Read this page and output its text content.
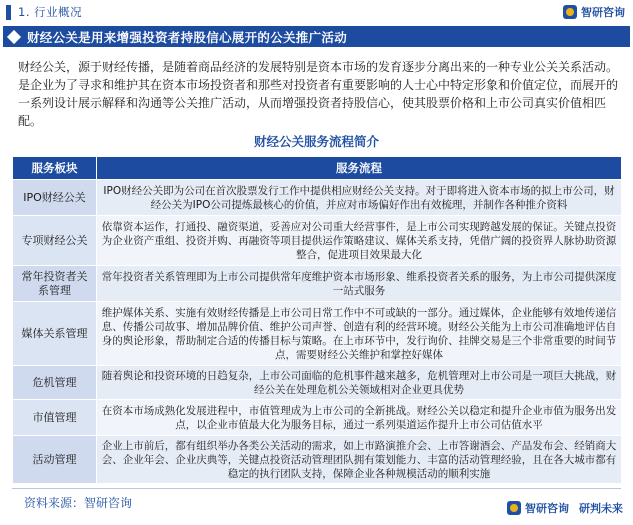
1. 行业概况	智研咨询
财经公关是用来增强投资者持股信心展开的公关推广活动

财经公关，源于财经传播，是随着商品经济的发展特别是资本市场的发育逐步分离出来的一种专业公关关系活动。是企业为了寻求和维护其在资本市场投资者和那些对投资者有重要影响的人士心中特定形象和价值定位，而展开的一系列设计展示解释和沟通等公关推广活动，从而增强投资者持股信心，使其股票价格和上市公司真实价值相匹配。

财经公关服务流程简介
服务板块	服务流程
IPO财经公关	IPO财经公关即为公司在首次股票发行工作中提供相应财经公关支持。对于即将进入资本市场的拟上市公司，财经公关为IPO公司提炼最核心的价值，并应对市场偏好作出有效梳理，并制作各种推介资料
专项财经公关	依靠资本运作，打通投、融资渠道，妥善应对公司重大经营事件，是上市公司实现跨越发展的保证。关键点投资为企业资产重组、投资并购、再融资等项目提供运作策略建议、媒体关系支持，凭借广阔的投资界人脉协助资源整合，促进项目效果最大化
常年投资者关系管理	常年投资者关系管理即为上市公司提供常年度维护资本市场形象、维系投资者关系的服务，为上市公司提供深度一站式服务
媒体关系管理	维护媒体关系、实施有效财经传播是上市公司日常工作中不可或缺的一部分。通过媒体，企业能够有效地传递信息、传播公司故事、增加品牌价值、维护公司声誉、创造有利的经营环境。财经公关能为上市公司准确地评估自身的舆论形象，帮助制定合适的传播目标与策略。在上市环节中，发行询价、挂牌交易是三个非常重要的时间节点，需要财经公关维护和掌控好媒体
危机管理	随着舆论和投资环境的日趋复杂，上市公司面临的危机事件越来越多，危机管理对上市公司是一项巨大挑战，财经公关在处理危机公关领域相对企业更具优势
市值管理	在资本市场成熟化发展进程中，市值管理成为上市公司的全新挑战。财经公关以稳定和提升企业市值为服务出发点，以企业市值最大化为服务目标，通过一系列渠道运作提升上市公司估值水平
活动管理	企业上市前后，都有组织举办各类公关活动的需求，如上市路演推介会、上市答谢酒会、产品发布会、经销商大会、企业年会、企业庆典等，关键点投资活动管理团队拥有策划能力、丰富的活动管理经验，且在各大城市都有稳定的执行团队支持，保障企业各种规模活动的顺利实施
资料来源：智研咨询	智研咨询 研判未来
